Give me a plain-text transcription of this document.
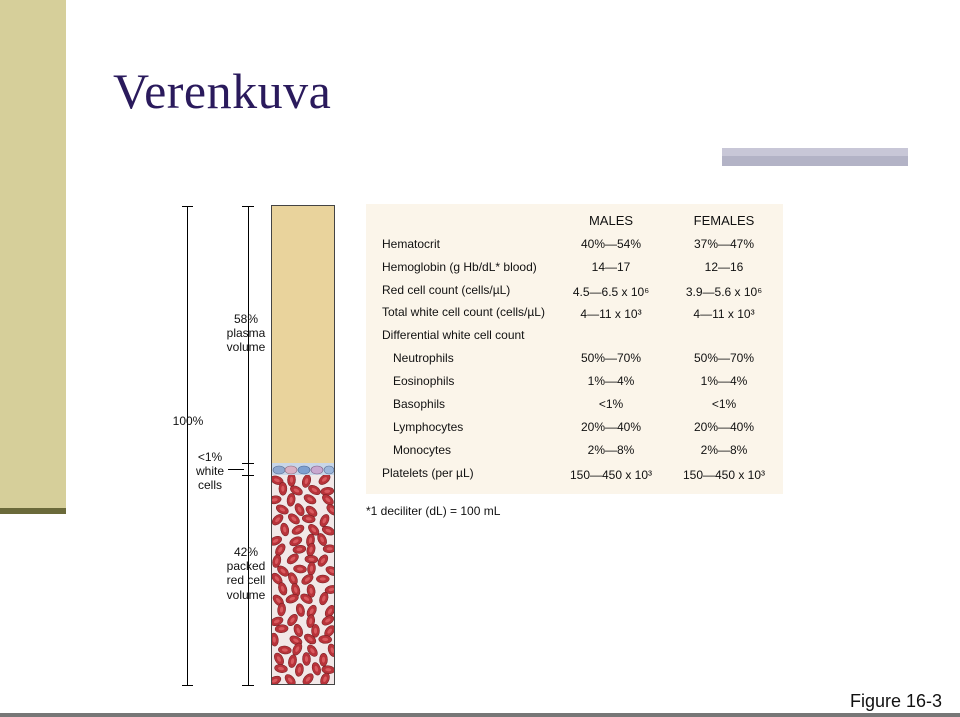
Verenkuva
100%
58%
plasma
volume
<1%
white
cells
42%
packed
red cell
volume
MALES	FEMALES
Hematocrit	40%—54%	37%—47%
Hemoglobin (g Hb/dL* blood)	14—17	12—16
Red cell count (cells/µL)	4.5—6.5 x 10⁶	3.9—5.6 x 10⁶
Total white cell count (cells/µL)	4—11 x 10³	4—11 x 10³
Differential white cell count
Neutrophils	50%—70%	50%—70%
Eosinophils	1%—4%	1%—4%
Basophils	<1%	<1%
Lymphocytes	20%—40%	20%—40%
Monocytes	2%—8%	2%—8%
Platelets (per µL)	150—450 x 10³	150—450 x 10³
*1 deciliter (dL) = 100 mL
Figure 16-3
